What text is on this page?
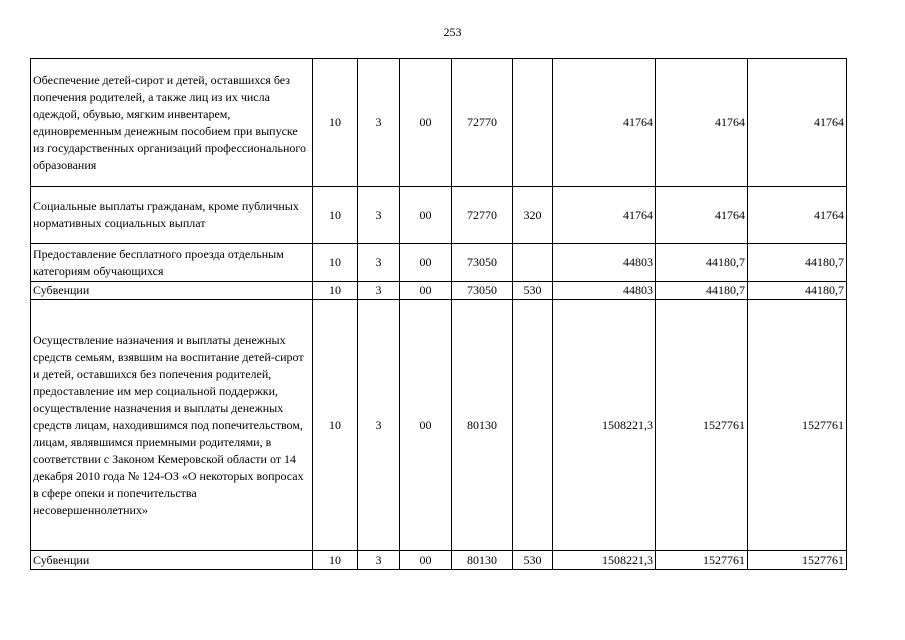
253
Обеспечение детей-сирот и детей, оставшихся без попечения родителей, а также лиц из их числа одеждой, обувью, мягким инвентарем, единовременным денежным пособием при выпуске из государственных организаций профессионального образования	10	3	00	72770		41764	41764	41764
Социальные выплаты гражданам, кроме публичных нормативных социальных выплат	10	3	00	72770	320	41764	41764	41764
Предоставление бесплатного проезда отдельным категориям обучающихся	10	3	00	73050		44803	44180,7	44180,7
Субвенции	10	3	00	73050	530	44803	44180,7	44180,7
Осуществление назначения и выплаты денежных средств семьям, взявшим на воспитание детей-сирот и детей, оставшихся без попечения родителей, предоставление им мер социальной поддержки, осуществление назначения и выплаты денежных средств лицам, находившимся под попечительством, лицам, являвшимся приемными родителями, в соответствии с Законом Кемеровской области от 14 декабря 2010 года № 124-ОЗ «О некоторых вопросах в сфере опеки и попечительства несовершеннолетних»	10	3	00	80130		1508221,3	1527761	1527761
Субвенции	10	3	00	80130	530	1508221,3	1527761	1527761
